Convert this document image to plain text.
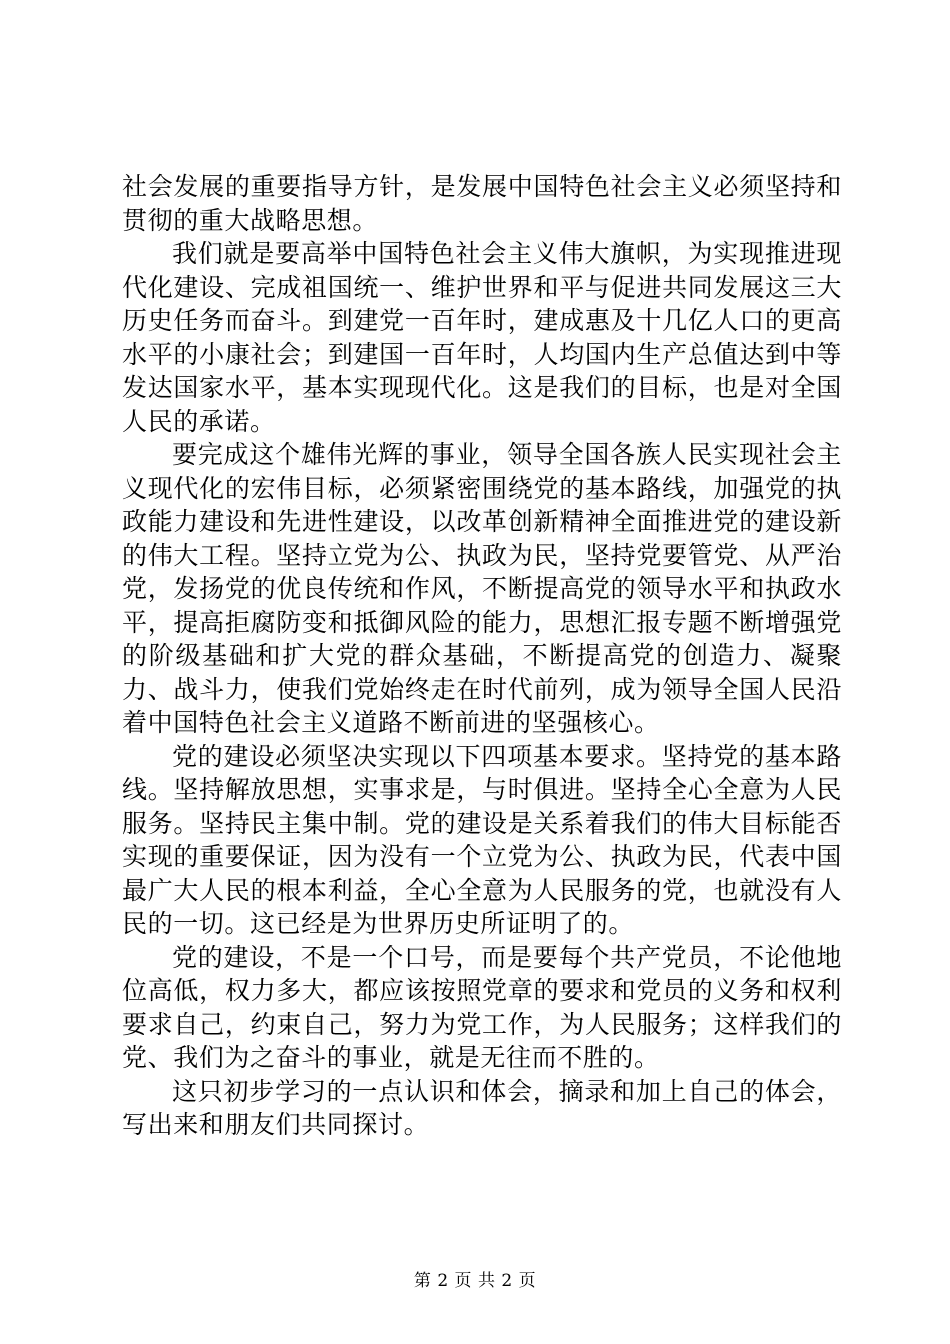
社会发展的重要指导方针，是发展中国特色社会主义必须坚持和贯彻的重大战略思想。

我们就是要高举中国特色社会主义伟大旗帜，为实现推进现代化建设、完成祖国统一、维护世界和平与促进共同发展这三大历史任务而奋斗。到建党一百年时，建成惠及十几亿人口的更高水平的小康社会；到建国一百年时，人均国内生产总值达到中等发达国家水平，基本实现现代化。这是我们的目标，也是对全国人民的承诺。

要完成这个雄伟光辉的事业，领导全国各族人民实现社会主义现代化的宏伟目标，必须紧密围绕党的基本路线，加强党的执政能力建设和先进性建设，以改革创新精神全面推进党的建设新的伟大工程。坚持立党为公、执政为民，坚持党要管党、从严治党，发扬党的优良传统和作风，不断提高党的领导水平和执政水平，提高拒腐防变和抵御风险的能力，思想汇报专题不断增强党的阶级基础和扩大党的群众基础，不断提高党的创造力、凝聚力、战斗力，使我们党始终走在时代前列，成为领导全国人民沿着中国特色社会主义道路不断前进的坚强核心。

党的建设必须坚决实现以下四项基本要求。坚持党的基本路线。坚持解放思想，实事求是，与时俱进。坚持全心全意为人民服务。坚持民主集中制。党的建设是关系着我们的伟大目标能否实现的重要保证，因为没有一个立党为公、执政为民，代表中国最广大人民的根本利益，全心全意为人民服务的党，也就没有人民的一切。这已经是为世界历史所证明了的。

党的建设，不是一个口号，而是要每个共产党员，不论他地位高低，权力多大，都应该按照党章的要求和党员的义务和权利要求自己，约束自己，努力为党工作，为人民服务；这样我们的党、我们为之奋斗的事业，就是无往而不胜的。

这只初步学习的一点认识和体会，摘录和加上自己的体会，写出来和朋友们共同探讨。

第 2 页 共 2 页
